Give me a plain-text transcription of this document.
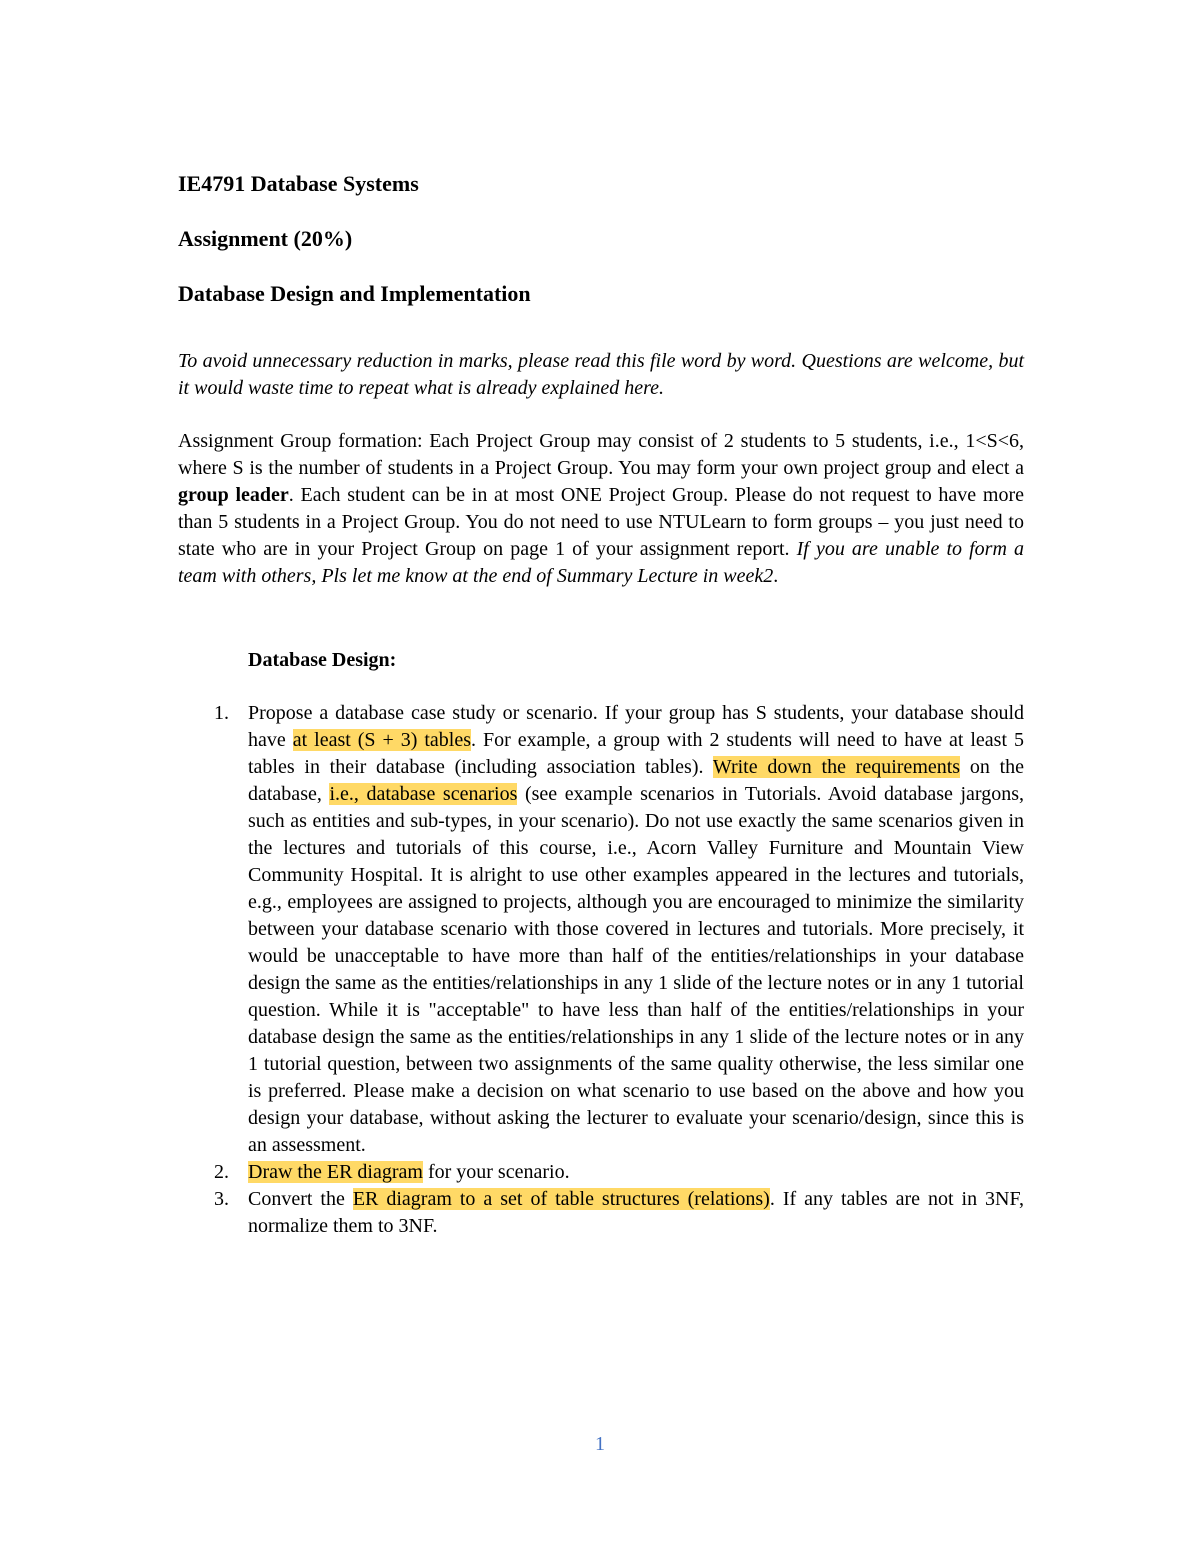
IE4791 Database Systems
Assignment (20%)
Database Design and Implementation

To avoid unnecessary reduction in marks, please read this file word by word. Questions are welcome, but it would waste time to repeat what is already explained here.

Assignment Group formation: Each Project Group may consist of 2 students to 5 students, i.e., 1<S<6, where S is the number of students in a Project Group. You may form your own project group and elect a group leader. Each student can be in at most ONE Project Group. Please do not request to have more than 5 students in a Project Group. You do not need to use NTULearn to form groups – you just need to state who are in your Project Group on page 1 of your assignment report. If you are unable to form a team with others, Pls let me know at the end of Summary Lecture in week2.

Database Design:
1. Propose a database case study or scenario. If your group has S students, your database should have at least (S + 3) tables. For example, a group with 2 students will need to have at least 5 tables in their database (including association tables). Write down the requirements on the database, i.e., database scenarios (see example scenarios in Tutorials. Avoid database jargons, such as entities and sub-types, in your scenario). Do not use exactly the same scenarios given in the lectures and tutorials of this course, i.e., Acorn Valley Furniture and Mountain View Community Hospital. It is alright to use other examples appeared in the lectures and tutorials, e.g., employees are assigned to projects, although you are encouraged to minimize the similarity between your database scenario with those covered in lectures and tutorials. More precisely, it would be unacceptable to have more than half of the entities/relationships in your database design the same as the entities/relationships in any 1 slide of the lecture notes or in any 1 tutorial question. While it is "acceptable" to have less than half of the entities/relationships in your database design the same as the entities/relationships in any 1 slide of the lecture notes or in any 1 tutorial question, between two assignments of the same quality otherwise, the less similar one is preferred. Please make a decision on what scenario to use based on the above and how you design your database, without asking the lecturer to evaluate your scenario/design, since this is an assessment.
2. Draw the ER diagram for your scenario.
3. Convert the ER diagram to a set of table structures (relations). If any tables are not in 3NF, normalize them to 3NF.
1
